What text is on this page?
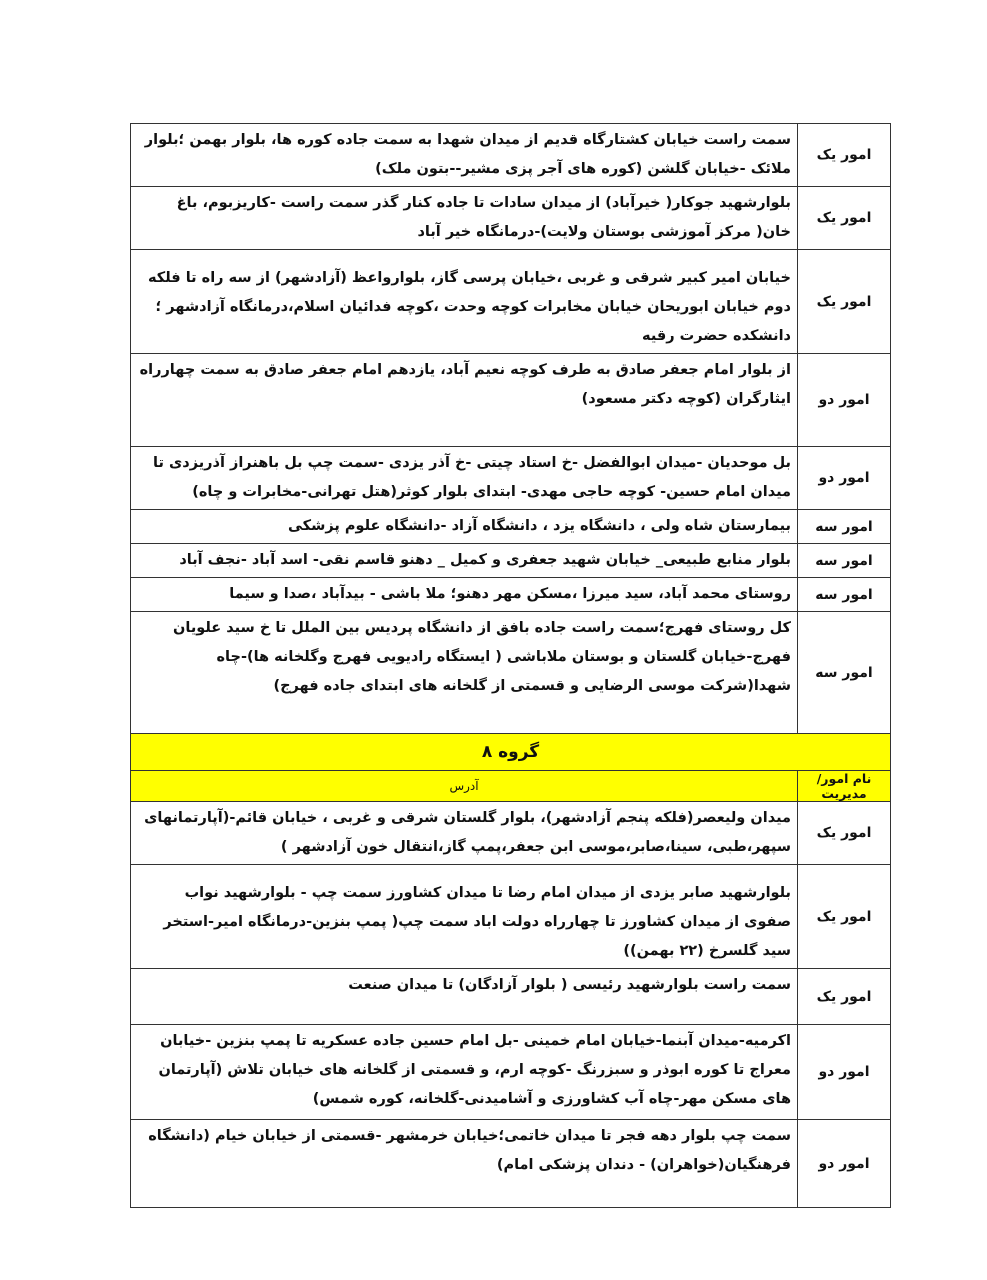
امور یک	سمت راست خیابان کشتارگاه قدیم از میدان شهدا به سمت جاده کوره ها، بلوار بهمن ؛بلوار ملائک -خیابان گلشن (کوره های آجر پزی مشیر--بتون ملک)
امور یک	بلوارشهید جوکار( خیرآباد) از میدان سادات تا جاده کنار گذر سمت راست -کاریزبوم، باغ خان( مرکز آموزشی بوستان ولایت)-درمانگاه خیر آباد
امور یک	خیابان امیر کبیر شرقی و غربی ،خیابان پرسی گاز، بلواروا‌عظ (آزادشهر) از سه راه تا فلکه دوم خیابان ابوریحان خیابان مخابرات کوچه وحدت ،کوچه فدائیان اسلام،درمانگاه آزادشهر ؛دانشکده حضرت رقیه
امور دو	از بلوار امام جعفر صادق به طرف کوچه نعیم آباد، یازدهم امام جعفر صادق به سمت چهارراه ایثارگران (کوچه دکتر مسعود)
امور دو	بل موحدیان -میدان ابوالفضل -خ استاد چیتی -خ آذر یزدی -سمت چپ بل باهنراز آذریزدی تا میدان امام حسین- کوچه حاجی مهدی- ابتدای بلوار کوثر(هتل تهرانی-مخابرات و چاه)
امور سه	بیمارستان شاه ولی ، دانشگاه یزد ، دانشگاه آزاد -دانشگاه علوم پزشکی
امور سه	بلوار منابع طبیعی_ خیابان شهید جعفری و کمیل _ دهنو قاسم نقی- اسد آباد -نجف آباد
امور سه	روستای محمد آباد، سید میرزا ،مسکن مهر دهنو؛ ملا باشی - بیدآباد ،صدا و سیما
امور سه	کل روستای فهرج؛سمت راست جاده بافق از دانشگاه پردیس بین الملل تا خ سید علویان فهرج-خیابان گلستان و بوستان ملاباشی ( ایستگاه رادیویی فهرج وگلخانه ها)-چاه شهدا(شرکت موسی الرضایی و قسمتی از گلخانه های ابتدای جاده فهرج)
گروه ۸	
نام امور/مدیریت	آدرس
امور یک	میدان ولیعصر(فلکه پنجم آزادشهر)، بلوار گلستان شرقی و غربی ، خیابان قائم-(آپارتمانهای سپهر،طبی، سینا،صابر،موسی ابن جعفر،پمپ گاز،انتقال خون آزادشهر )
امور یک	بلوارشهید صابر یزدی از میدان امام رضا تا میدان کشاورز سمت چپ - بلوارشهید نواب صفوی از میدان کشاورز تا چهارراه دولت اباد سمت چپ( پمپ بنزین-درمانگاه امیر-استخر سید گلسرخ (۲۲ بهمن))
امور یک	سمت راست بلوارشهید رئیسی ( بلوار آزادگان) تا میدان صنعت
امور دو	اکرمیه-میدان آبنما-خیابان امام خمینی -بل امام حسین جاده عسکریه تا پمپ بنزین -خیابان معراج تا کوره ابوذر و سبزرنگ -کوچه ارم، و قسمتی از گلخانه های خیابان تلاش (آپارتمان های مسکن مهر-چاه آب کشاورزی و آشامیدنی-گلخانه، کوره شمس)
امور دو	سمت چپ بلوار دهه فجر تا میدان خاتمی؛خیابان خرمشهر -قسمتی از خیابان خیام (دانشگاه فرهنگیان(خواهران) - دندان پزشکی امام)
